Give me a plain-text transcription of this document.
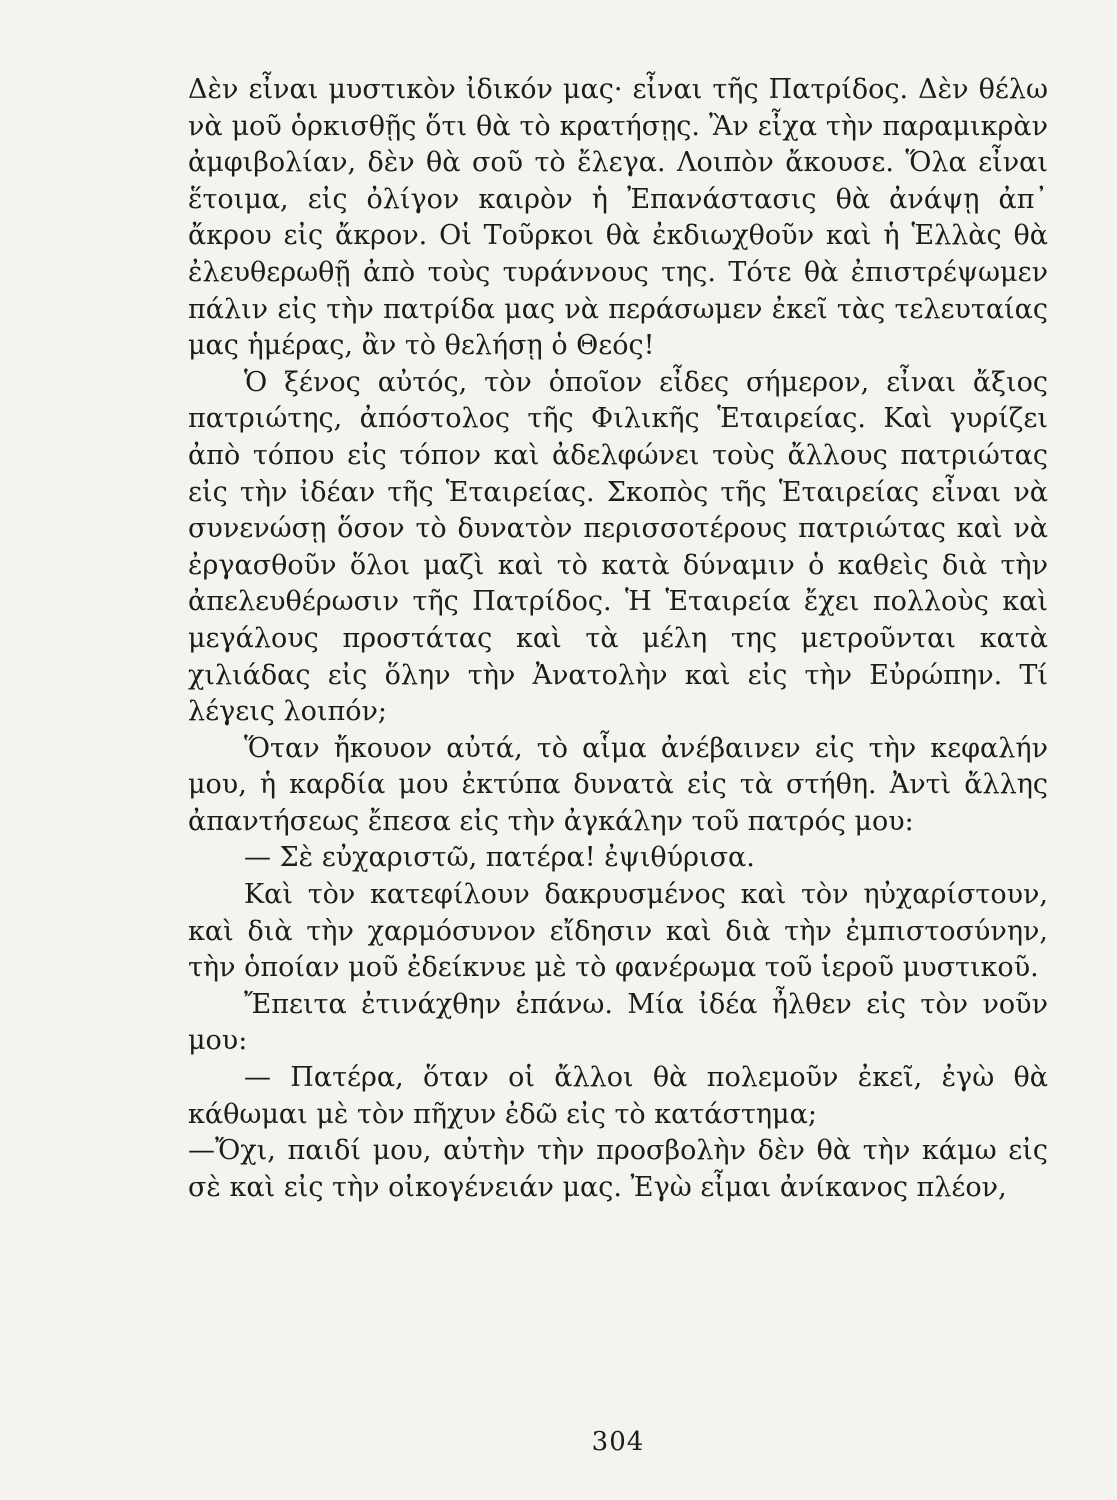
Δὲν εἶναι μυστικὸν ἰδικόν μας· εἶναι τῆς Πατρίδος. Δὲν θέλω νὰ μοῦ ὁρκισθῇς ὅτι θὰ τὸ κρατήσῃς. Ἂν εἶχα τὴν παραμικρὰν ἀμφιβολίαν, δὲν θὰ σοῦ τὸ ἔλεγα. Λοιπὸν ἄκουσε. Ὅλα εἶναι ἕτοιμα, εἰς ὀλίγον καιρὸν ἡ Ἐπανάστασις θὰ ἀνάψῃ ἀπ᾿ ἄκρου εἰς ἄκρον. Οἱ Τοῦρκοι θὰ ἐκδιωχθοῦν καὶ ἡ Ἑλλὰς θὰ ἐλευθερωθῇ ἀπὸ τοὺς τυράννους της. Τότε θὰ ἐπιστρέψωμεν πάλιν εἰς τὴν πατρίδα μας νὰ περάσωμεν ἐκεῖ τὰς τελευταίας μας ἡμέρας, ἂν τὸ θελήσῃ ὁ Θεός!

Ὁ ξένος αὐτός, τὸν ὁποῖον εἶδες σήμερον, εἶναι ἄξιος πατριώτης, ἀπόστολος τῆς Φιλικῆς Ἑταιρείας. Καὶ γυρίζει ἀπὸ τόπου εἰς τόπον καὶ ἀδελφώνει τοὺς ἄλλους πατριώτας εἰς τὴν ἰδέαν τῆς Ἑταιρείας. Σκοπὸς τῆς Ἑταιρείας εἶναι νὰ συνενώσῃ ὅσον τὸ δυνατὸν περισσοτέρους πατριώτας καὶ νὰ ἐργασθοῦν ὅλοι μαζὶ καὶ τὸ κατὰ δύναμιν ὁ καθεὶς διὰ τὴν ἀπελευθέρωσιν τῆς Πατρίδος. Ἡ Ἑταιρεία ἔχει πολλοὺς καὶ μεγάλους προστάτας καὶ τὰ μέλη της μετροῦνται κατὰ χιλιάδας εἰς ὅλην τὴν Ἀνατολὴν καὶ εἰς τὴν Εὐρώπην. Τί λέγεις λοιπόν;

Ὅταν ἤκουον αὐτά, τὸ αἷμα ἀνέβαινεν εἰς τὴν κεφαλήν μου, ἡ καρδία μου ἐκτύπα δυνατὰ εἰς τὰ στήθη. Ἀντὶ ἄλλης ἀπαντήσεως ἔπεσα εἰς τὴν ἀγκάλην τοῦ πατρός μου:

— Σὲ εὐχαριστῶ, πατέρα! ἐψιθύρισα.

Καὶ τὸν κατεφίλουν δακρυσμένος καὶ τὸν ηὐχαρίστουν, καὶ διὰ τὴν χαρμόσυνον εἴδησιν καὶ διὰ τὴν ἐμπιστοσύνην, τὴν ὁποίαν μοῦ ἐδείκνυε μὲ τὸ φανέρωμα τοῦ ἱεροῦ μυστικοῦ.

Ἔπειτα ἐτινάχθην ἐπάνω. Μία ἰδέα ἦλθεν εἰς τὸν νοῦν μου:

— Πατέρα, ὅταν οἱ ἄλλοι θὰ πολεμοῦν ἐκεῖ, ἐγὼ θὰ κάθωμαι μὲ τὸν πῆχυν ἐδῶ εἰς τὸ κατάστημα;

—Ὄχι, παιδί μου, αὐτὴν τὴν προσβολὴν δὲν θὰ τὴν κάμω εἰς σὲ καὶ εἰς τὴν οἰκογένειάν μας. Ἐγὼ εἶμαι ἀνίκανος πλέον,

304
